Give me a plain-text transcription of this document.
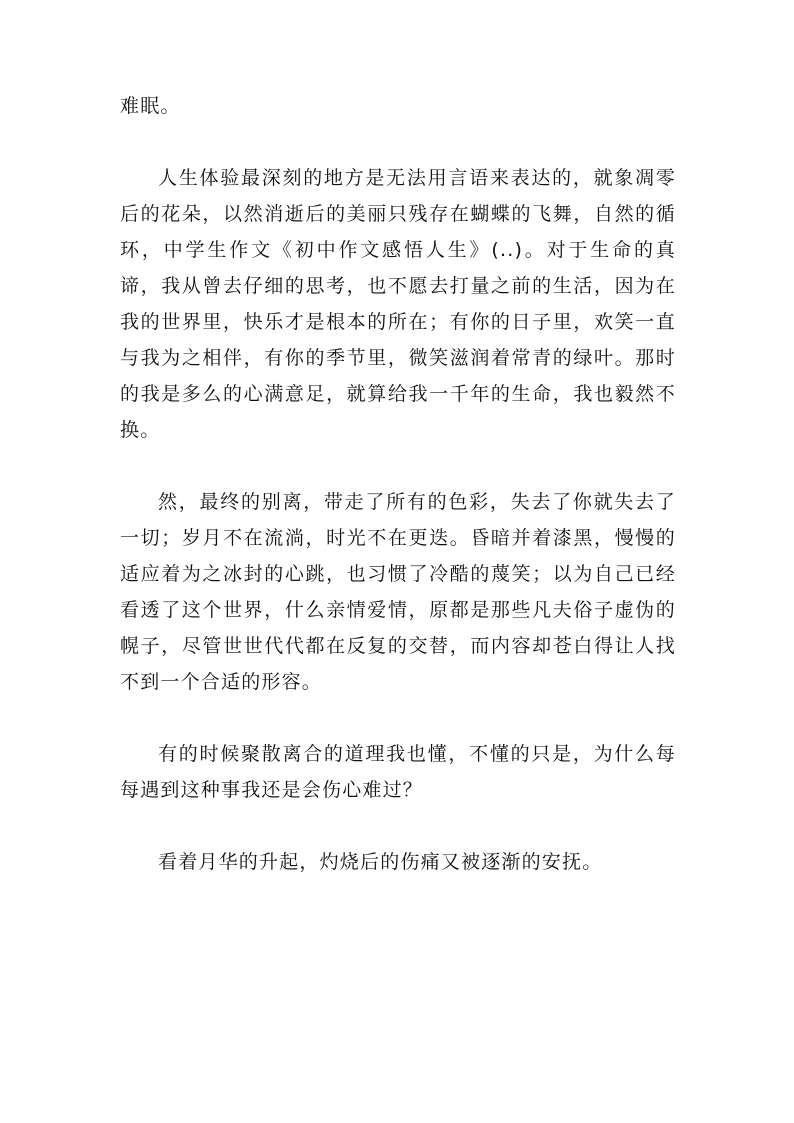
难眠。

人生体验最深刻的地方是无法用言语来表达的，就象凋零后的花朵，以然消逝后的美丽只残存在蝴蝶的飞舞，自然的循环，中学生作文《初中作文感悟人生》(..)。对于生命的真谛，我从曾去仔细的思考，也不愿去打量之前的生活，因为在我的世界里，快乐才是根本的所在；有你的日子里，欢笑一直与我为之相伴，有你的季节里，微笑滋润着常青的绿叶。那时的我是多么的心满意足，就算给我一千年的生命，我也毅然不换。

然，最终的别离，带走了所有的色彩，失去了你就失去了一切；岁月不在流淌，时光不在更迭。昏暗并着漆黑，慢慢的适应着为之冰封的心跳，也习惯了冷酷的蔑笑；以为自己已经看透了这个世界，什么亲情爱情，原都是那些凡夫俗子虚伪的幌子，尽管世世代代都在反复的交替，而内容却苍白得让人找不到一个合适的形容。

有的时候聚散离合的道理我也懂，不懂的只是，为什么每每遇到这种事我还是会伤心难过？

看着月华的升起，灼烧后的伤痛又被逐渐的安抚。
